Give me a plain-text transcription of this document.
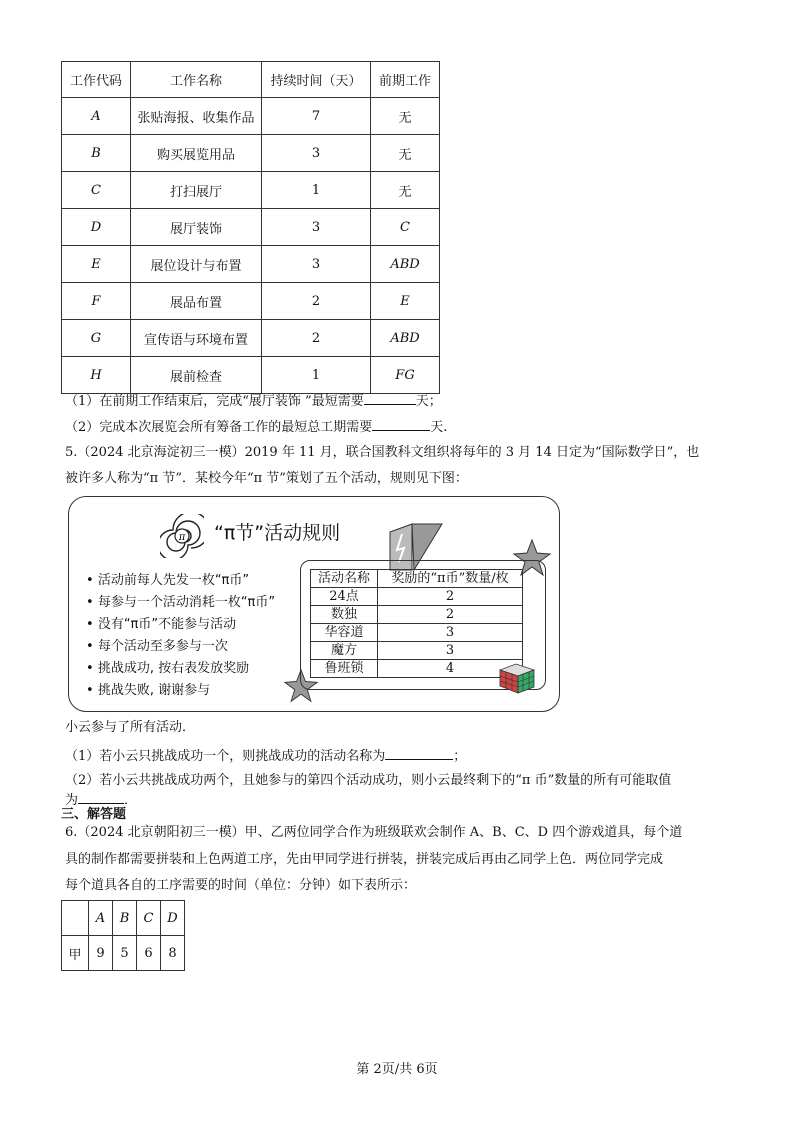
工作代码	工作名称	持续时间（天）	前期工作
A	张贴海报、收集作品	7	无
B	购买展览用品	3	无
C	打扫展厅	1	无
D	展厅装饰	3	C
E	展位设计与布置	3	ABD
F	展品布置	2	E
G	宣传语与环境布置	2	ABD
H	展前检查	1	FG
（1）在前期工作结束后，完成“展厅装饰 ”最短需要	天；
（2）完成本次展览会所有筹备工作的最短总工期需要	天.
5.（2024 北京海淀初三一模）2019 年 11 月，联合国教科文组织将每年的 3 月 14 日定为“国际数学日”，也
被许多人称为“π 节”．某校今年“π 节”策划了五个活动，规则见下图：
π “π节”活动规则
• 活动前每人先发一枚“π币”
• 每参与一个活动消耗一枚“π币”
• 没有“π币”不能参与活动
• 每个活动至多参与一次
• 挑战成功, 按右表发放奖励
• 挑战失败, 谢谢参与
活动名称	奖励的“π币”数量/枚
24点	2
数独	2
华容道	3
魔方	3
鲁班锁	4
小云参与了所有活动．
（1）若小云只挑战成功一个，则挑战成功的活动名称为	；
（2）若小云共挑战成功两个，且她参与的第四个活动成功，则小云最终剩下的“π 币”数量的所有可能取值
为	．
三、解答题
6.（2024 北京朝阳初三一模）甲、乙两位同学合作为班级联欢会制作 A、B、C、D 四个游戏道具，每个道
具的制作都需要拼装和上色两道工序，先由甲同学进行拼装，拼装完成后再由乙同学上色．两位同学完成
每个道具各自的工序需要的时间（单位：分钟）如下表所示：
	A	B	C	D
甲	9	5	6	8
第 2页/共 6页
